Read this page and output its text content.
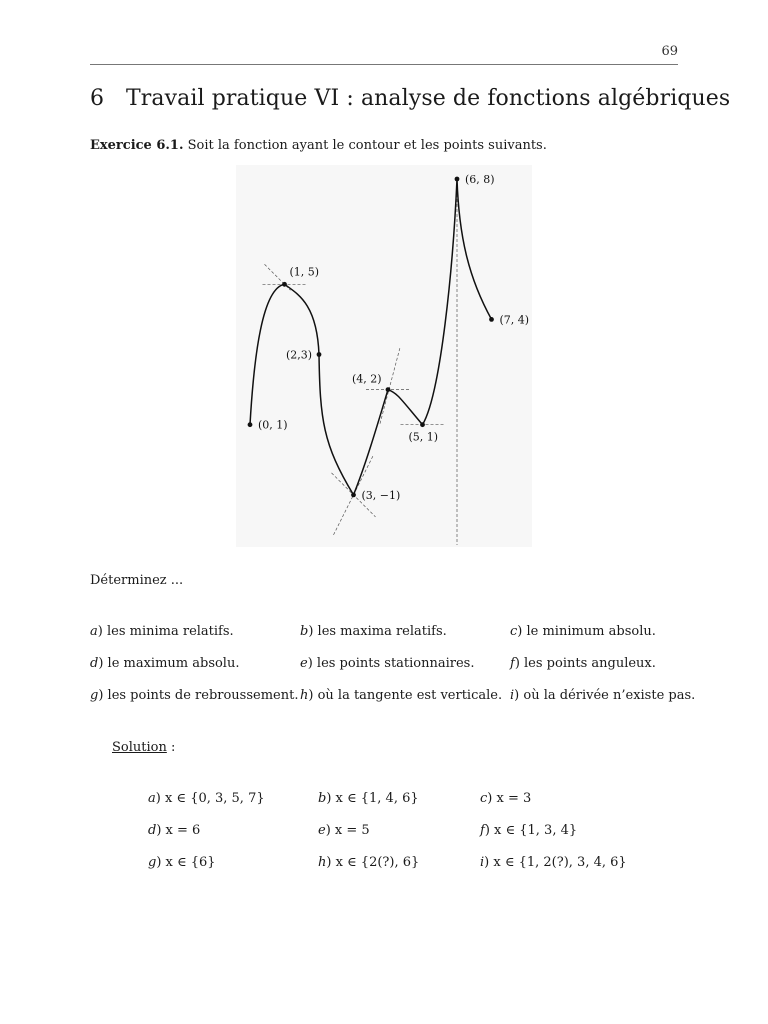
69
6 Travail pratique VI : analyse de fonctions algébriques
Exercice 6.1. Soit la fonction ayant le contour et les points suivants.
(0, 1)
(1, 5)
(2,3)
(3, −1)
(4, 2)
(5, 1)
(6, 8)
(7, 4)
Déterminez ...
a) les minima relatifs.	b) les maxima relatifs.	c) le minimum absolu.
d) le maximum absolu.	e) les points stationnaires.	f) les points anguleux.
g) les points de rebroussement. h) où la tangente est verticale. i) où la dérivée n’existe pas.
Solution :
a) x ∈ {0, 3, 5, 7}	b) x ∈ {1, 4, 6}	c) x = 3
d) x = 6	e) x = 5	f) x ∈ {1, 3, 4}
g) x ∈ {6}	h) x ∈ {2(?), 6}	i) x ∈ {1, 2(?), 3, 4, 6}
